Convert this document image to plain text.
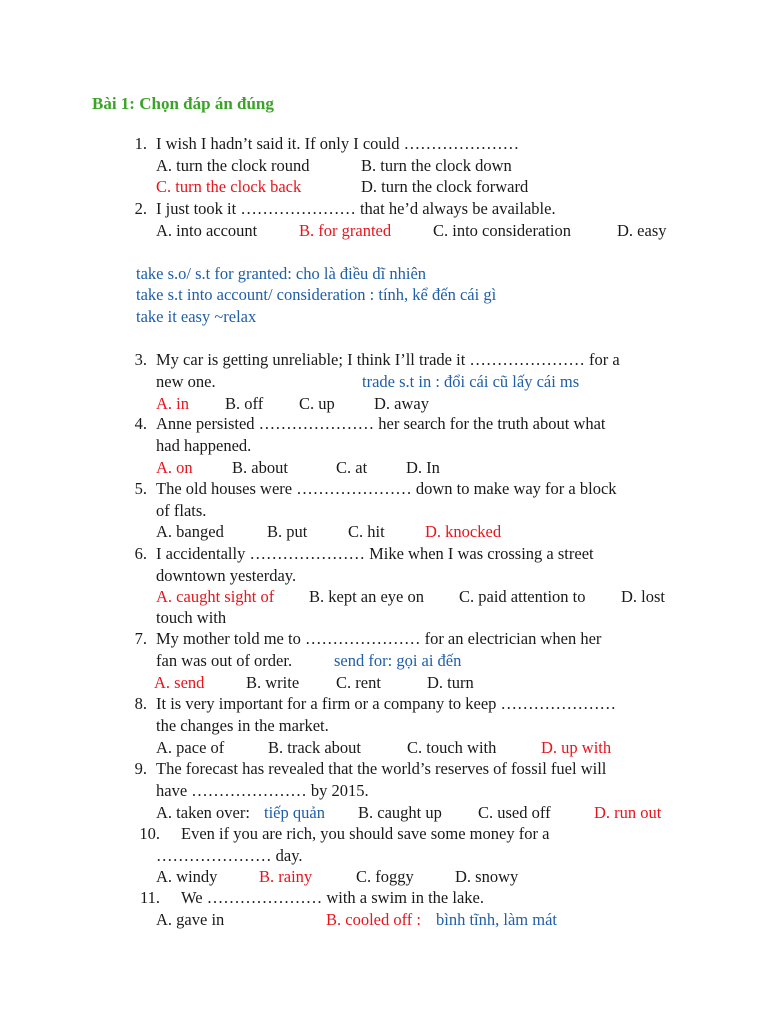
Bài 1: Chọn đáp án đúng
1. I wish I hadn’t said it. If only I could …………………
A. turn the clock round	B. turn the clock down
C. turn the clock back	D. turn the clock forward
2. I just took it ………………… that he’d always be available.
A. into account	B. for granted	C. into consideration	D. easy
take s.o/ s.t for granted: cho là điều dĩ nhiên
take s.t into account/ consideration : tính, kể đến cái gì
take it easy ~relax
3. My car is getting unreliable; I think I’ll trade it ………………… for a
new one.	trade s.t in : đổi cái cũ lấy cái ms
A. in B. off C. up D. away
4. Anne persisted ………………… her search for the truth about what
had happened.
A. on B. about	C. at D. In
5. The old houses were ………………… down to make way for a block
of flats.
A. banged	B. put C. hit D. knocked
6. I accidentally ………………… Mike when I was crossing a street
downtown yesterday.
A. caught sight of B. kept an eye on C. paid attention to D. lost
touch with
7. My mother told me to ………………… for an electrician when her
fan was out of order.	send for: gọi ai đến
A. send	B. write C. rent	D. turn
8. It is very important for a firm or a company to keep …………………
the changes in the market.
A. pace of	B. track about	C. touch with	D. up with
9. The forecast has revealed that the world’s reserves of fossil fuel will
have ………………… by 2015.
A. taken over: tiếp quản B. caught up C. used off	D. run out
10. Even if you are rich, you should save some money for a
………………… day.
A. windy	B. rainy	C. foggy	D. snowy
11. We ………………… with a swim in the lake.
A. gave in	B. cooled off : bình tĩnh, làm mát
